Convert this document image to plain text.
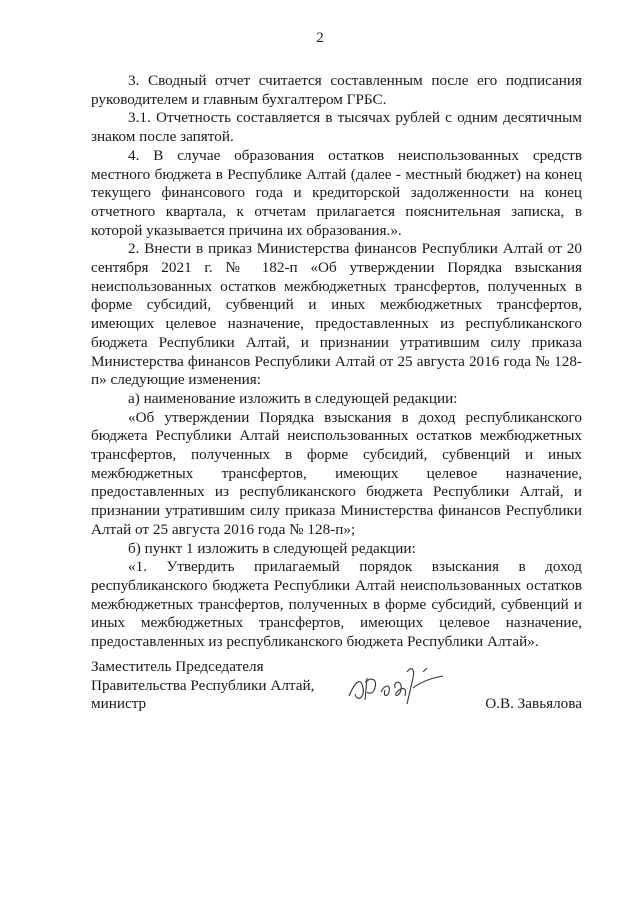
2

3. Сводный отчет считается составленным после его подписания руководителем и главным бухгалтером ГРБС.

3.1. Отчетность составляется в тысячах рублей с одним десятичным знаком после запятой.

4. В случае образования остатков неиспользованных средств местного бюджета в Республике Алтай (далее - местный бюджет) на конец текущего финансового года и кредиторской задолженности на конец отчетного квартала, к отчетам прилагается пояснительная записка, в которой указывается причина их образования.».

2. Внести в приказ Министерства финансов Республики Алтай от 20 сентября 2021 г. № 182-п «Об утверждении Порядка взыскания неиспользованных остатков межбюджетных трансфертов, полученных в форме субсидий, субвенций и иных межбюджетных трансфертов, имеющих целевое назначение, предоставленных из республиканского бюджета Республики Алтай, и признании утратившим силу приказа Министерства финансов Республики Алтай от 25 августа 2016 года № 128-п» следующие изменения:

а) наименование изложить в следующей редакции:

«Об утверждении Порядка взыскания в доход республиканского бюджета Республики Алтай неиспользованных остатков межбюджетных трансфертов, полученных в форме субсидий, субвенций и иных межбюджетных трансфертов, имеющих целевое назначение, предоставленных из республиканского бюджета Республики Алтай, и признании утратившим силу приказа Министерства финансов Республики Алтай от 25 августа 2016 года № 128-п»;

б) пункт 1 изложить в следующей редакции:

«1. Утвердить прилагаемый порядок взыскания в доход республиканского бюджета Республики Алтай неиспользованных остатков межбюджетных трансфертов, полученных в форме субсидий, субвенций и иных межбюджетных трансфертов, имеющих целевое назначение, предоставленных из республиканского бюджета Республики Алтай».

Заместитель Председателя
Правительства Республики Алтай,
министр	О.В. Завьялова
